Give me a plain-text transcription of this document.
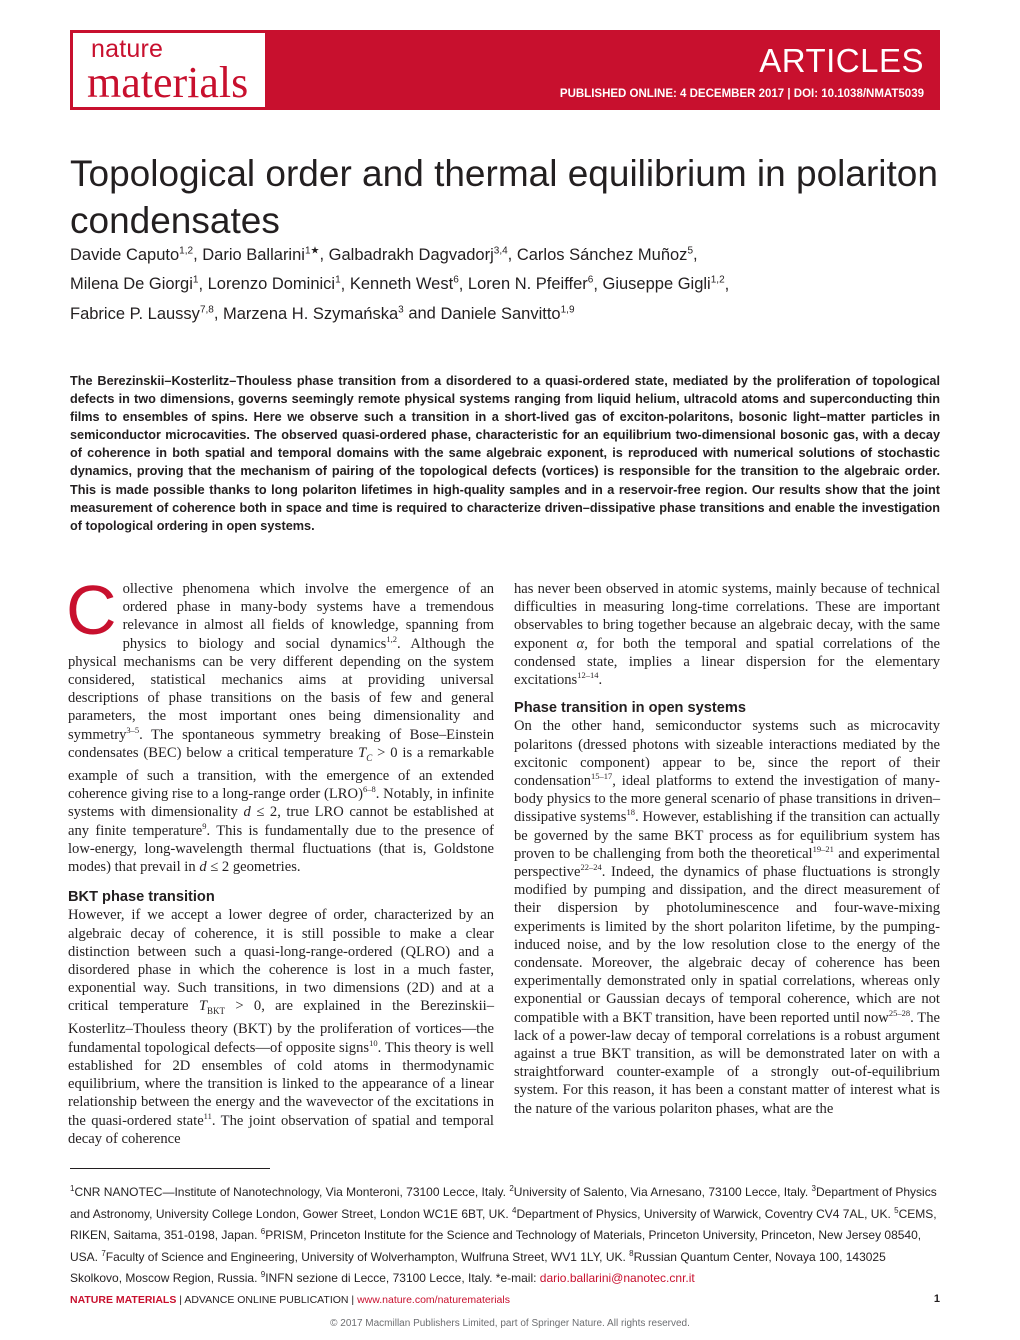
nature
materials	ARTICLES
PUBLISHED ONLINE: 4 DECEMBER 2017 | DOI: 10.1038/NMAT5039
Topological order and thermal equilibrium in polariton condensates
Davide Caputo$^{1,2}$, Dario Ballarini$^{1★}$, Galbadrakh Dagvadorj$^{3,4}$, Carlos Sánchez Muñoz$^5$,
Milena De Giorgi$^1$, Lorenzo Dominici$^1$, Kenneth West$^6$, Loren N. Pfeiffer$^6$, Giuseppe Gigli$^{1,2}$,
Fabrice P. Laussy$^{7,8}$, Marzena H. Szymańska$^3$ and Daniele Sanvitto$^{1,9}$
The Berezinskii–Kosterlitz–Thouless phase transition from a disordered to a quasi-ordered state, mediated by the proliferation of topological defects in two dimensions, governs seemingly remote physical systems ranging from liquid helium, ultracold atoms and superconducting thin films to ensembles of spins. Here we observe such a transition in a short-lived gas of exciton-polaritons, bosonic light–matter particles in semiconductor microcavities. The observed quasi-ordered phase, characteristic for an equilibrium two-dimensional bosonic gas, with a decay of coherence in both spatial and temporal domains with the same algebraic exponent, is reproduced with numerical solutions of stochastic dynamics, proving that the mechanism of pairing of the topological defects (vortices) is responsible for the transition to the algebraic order. This is made possible thanks to long polariton lifetimes in high-quality samples and in a reservoir-free region. Our results show that the joint measurement of coherence both in space and time is required to characterize driven–dissipative phase transitions and enable the investigation of topological ordering in open systems.

Collective phenomena which involve the emergence of an ordered phase in many-body systems have a tremendous relevance in almost all fields of knowledge, spanning from physics to biology and social dynamics$^{1,2}$. Although the physical mechanisms can be very different depending on the system considered, statistical mechanics aims at providing universal descriptions of phase transitions on the basis of few and general parameters, the most important ones being dimensionality and symmetry$^{3-5}$. The spontaneous symmetry breaking of Bose–Einstein condensates (BEC) below a critical temperature $T_C > 0$ is a remarkable example of such a transition, with the emergence of an extended coherence giving rise to a long-range order (LRO)$^{6-8}$. Notably, in infinite systems with dimensionality d ≤ 2, true LRO cannot be established at any finite temperature$^9$. This is fundamentally due to the presence of low-energy, long-wavelength thermal fluctuations (that is, Goldstone modes) that prevail in d ≤ 2 geometries.

BKT phase transition

However, if we accept a lower degree of order, characterized by an algebraic decay of coherence, it is still possible to make a clear distinction between such a quasi-long-range-ordered (QLRO) and a disordered phase in which the coherence is lost in a much faster, exponential way. Such transitions, in two dimensions (2D) and at a critical temperature $T_{BKT} > 0$, are explained in the Berezinskii–Kosterlitz–Thouless theory (BKT) by the proliferation of vortices—the fundamental topological defects—of opposite signs$^{10}$. This theory is well established for 2D ensembles of cold atoms in thermodynamic equilibrium, where the transition is linked to the appearance of a linear relationship between the energy and the wavevector of the excitations in the quasi-ordered state$^{11}$. The joint observation of spatial and temporal decay of coherence

has never been observed in atomic systems, mainly because of technical difficulties in measuring long-time correlations. These are important observables to bring together because an algebraic decay, with the same exponent α, for both the temporal and spatial correlations of the condensed state, implies a linear dispersion for the elementary excitations$^{12-14}$.

Phase transition in open systems

On the other hand, semiconductor systems such as microcavity polaritons (dressed photons with sizeable interactions mediated by the excitonic component) appear to be, since the report of their condensation$^{15-17}$, ideal platforms to extend the investigation of many-body physics to the more general scenario of phase transitions in driven–dissipative systems$^{18}$. However, establishing if the transition can actually be governed by the same BKT process as for equilibrium system has proven to be challenging from both the theoretical$^{19-21}$ and experimental perspective$^{22-24}$. Indeed, the dynamics of phase fluctuations is strongly modified by pumping and dissipation, and the direct measurement of their dispersion by photoluminescence and four-wave-mixing experiments is limited by the short polariton lifetime, by the pumping-induced noise, and by the low resolution close to the energy of the condensate. Moreover, the algebraic decay of coherence has been experimentally demonstrated only in spatial correlations, whereas only exponential or Gaussian decays of temporal coherence, which are not compatible with a BKT transition, have been reported until now$^{25-28}$. The lack of a power-law decay of temporal correlations is a robust argument against a true BKT transition, as will be demonstrated later on with a straightforward counter-example of a strongly out-of-equilibrium system. For this reason, it has been a constant matter of interest what is the nature of the various polariton phases, what are the

$^1$CNR NANOTEC—Institute of Nanotechnology, Via Monteroni, 73100 Lecce, Italy. $^2$University of Salento, Via Arnesano, 73100 Lecce, Italy. $^3$Department of Physics and Astronomy, University College London, Gower Street, London WC1E 6BT, UK. $^4$Department of Physics, University of Warwick, Coventry CV4 7AL, UK. $^5$CEMS, RIKEN, Saitama, 351-0198, Japan. $^6$PRISM, Princeton Institute for the Science and Technology of Materials, Princeton University, Princeton, New Jersey 08540, USA. $^7$Faculty of Science and Engineering, University of Wolverhampton, Wulfruna Street, WV1 1LY, UK. $^8$Russian Quantum Center, Novaya 100, 143025 Skolkovo, Moscow Region, Russia. $^9$INFN sezione di Lecce, 73100 Lecce, Italy. *e-mail: dario.ballarini@nanotec.cnr.it
NATURE MATERIALS | ADVANCE ONLINE PUBLICATION | www.nature.com/naturematerials	1
© 2017 Macmillan Publishers Limited, part of Springer Nature. All rights reserved.
